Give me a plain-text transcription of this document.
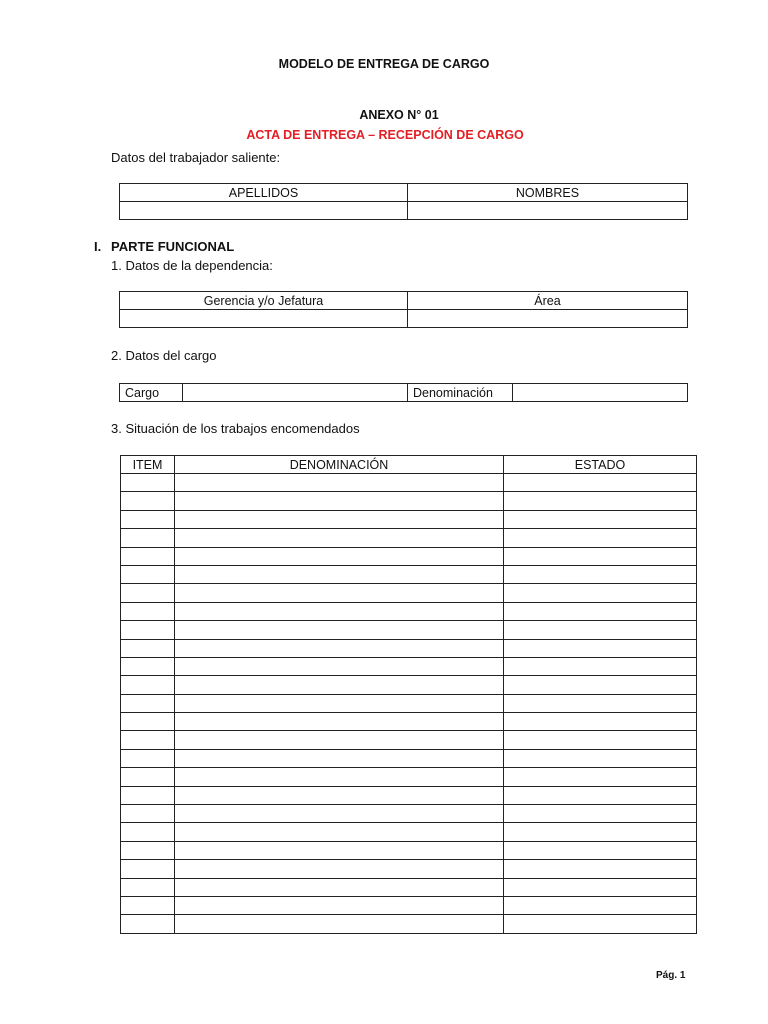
MODELO DE ENTREGA DE CARGO
ANEXO N° 01
ACTA DE ENTREGA – RECEPCIÓN DE CARGO
Datos del trabajador saliente:
APELLIDOS	NOMBRES

I. PARTE FUNCIONAL
1. Datos de la dependencia:
Gerencia y/o Jefatura	Área

2. Datos del cargo
Cargo		Denominación	
3. Situación de los trabajos encomendados
ITEM	DENOMINACIÓN	ESTADO

Pág. 1
